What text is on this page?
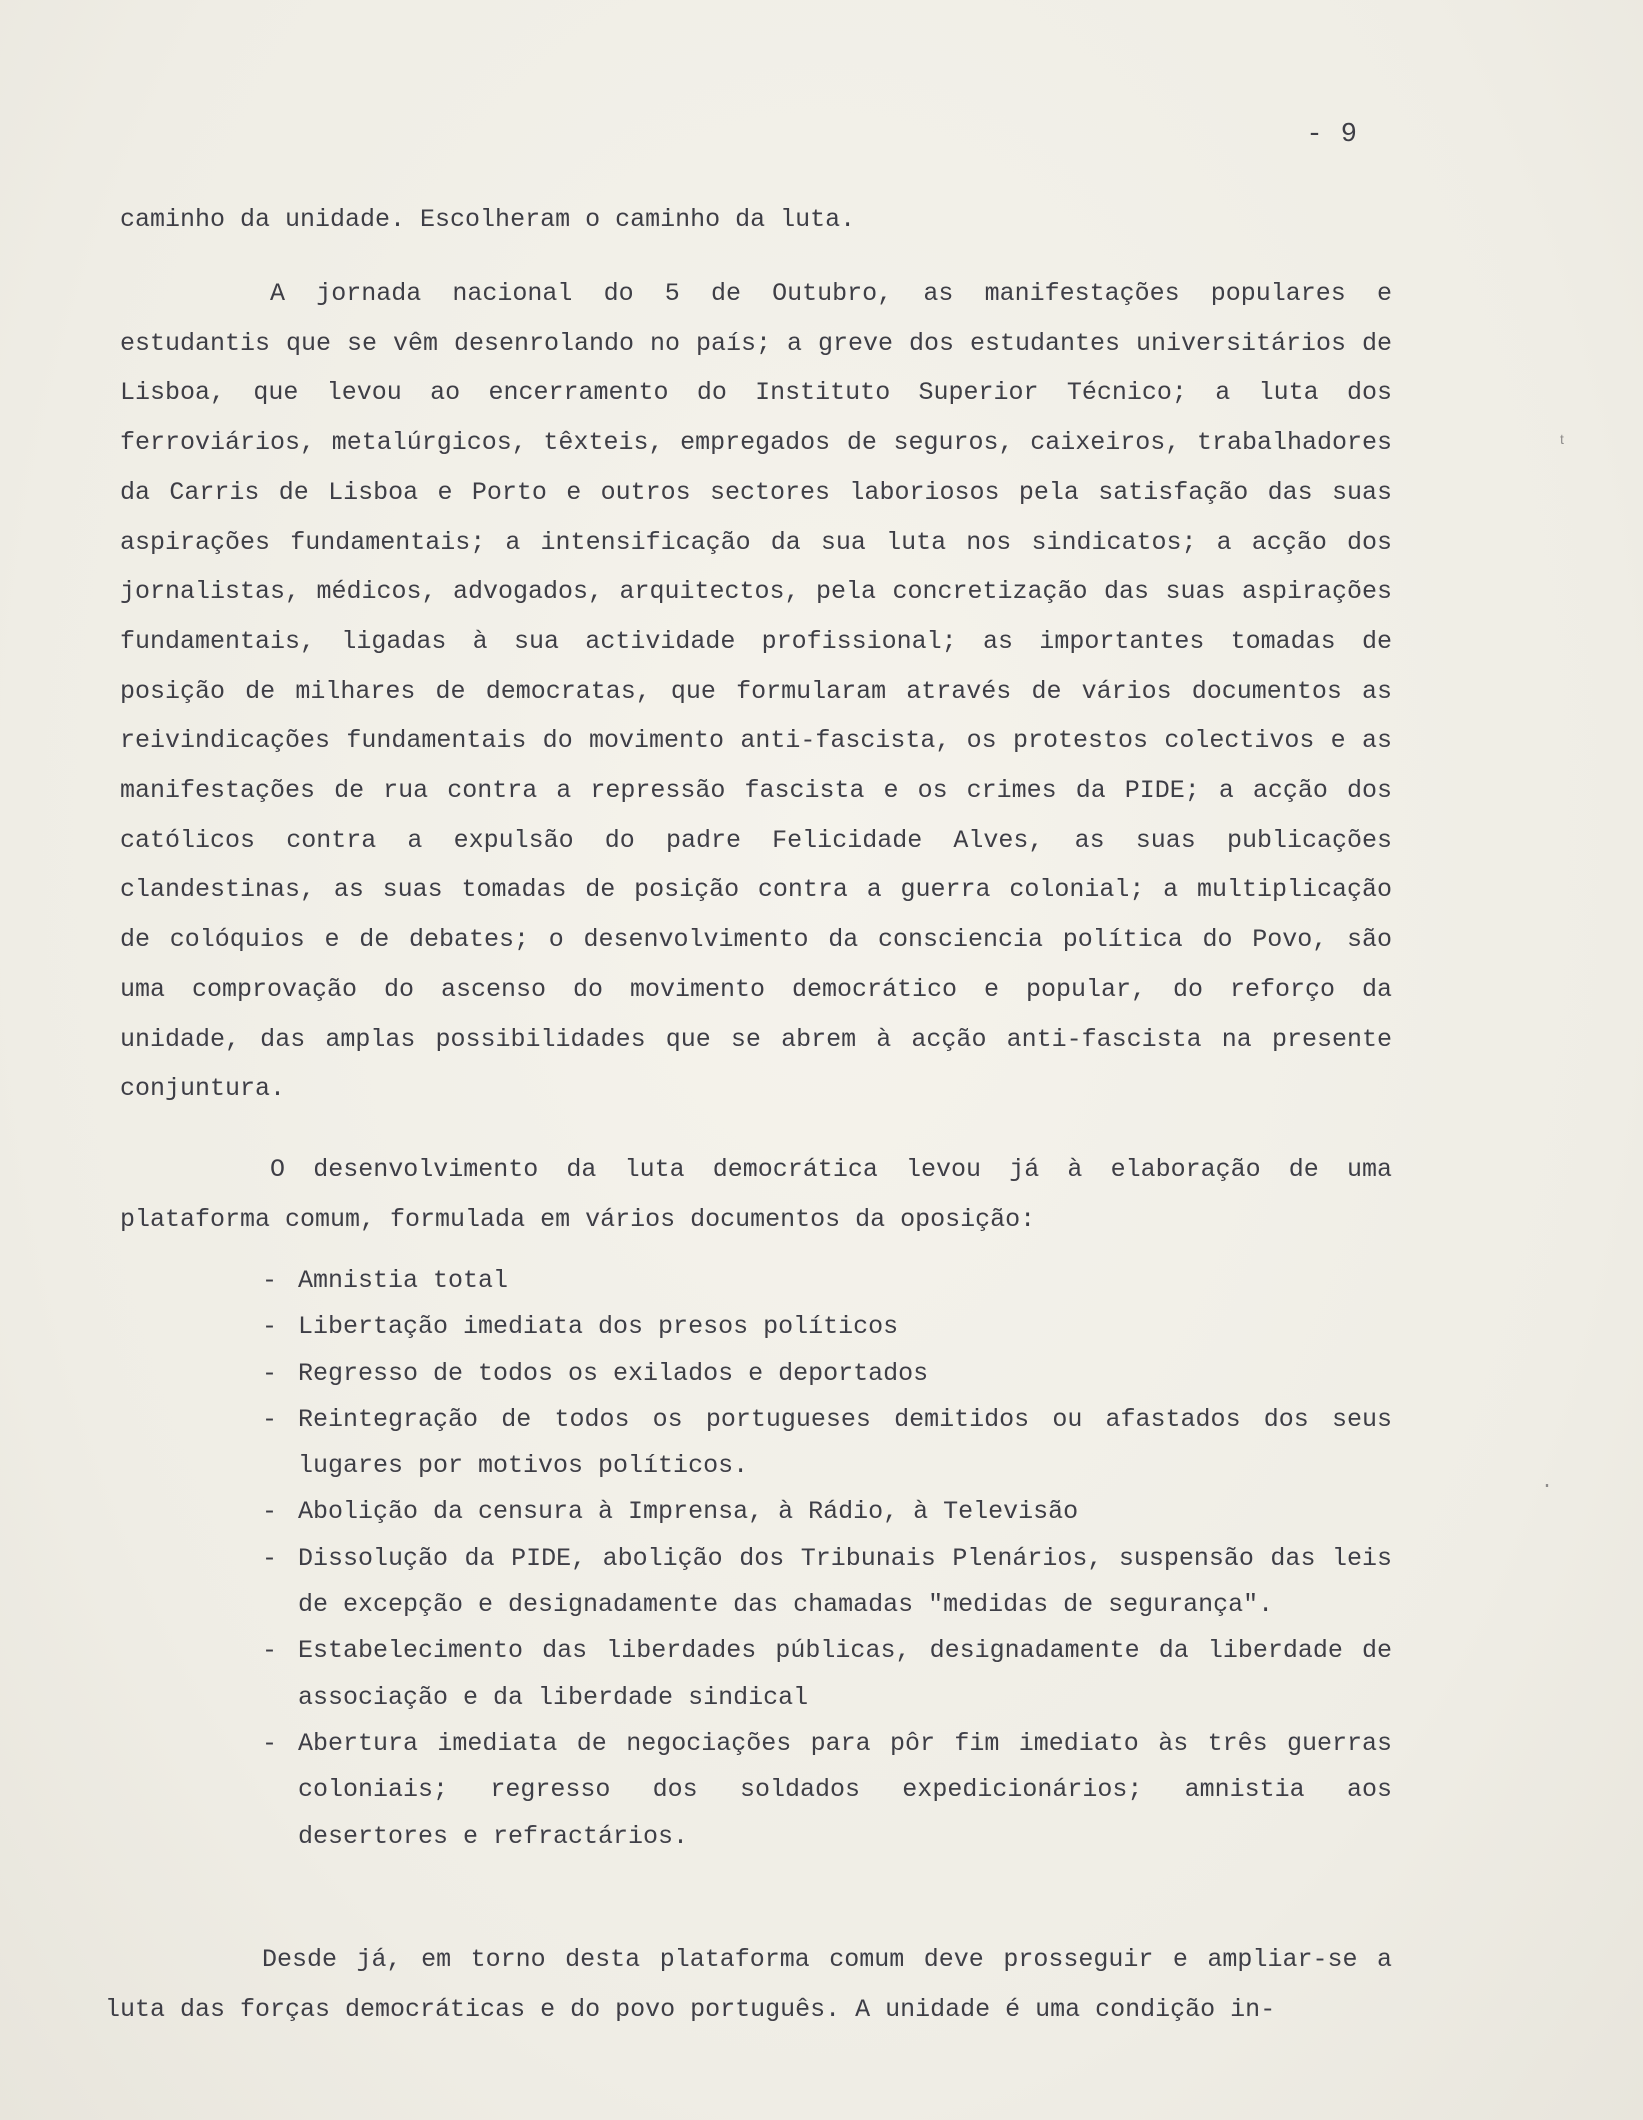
- 9

caminho da unidade. Escolheram o caminho da luta.

A jornada nacional do 5 de Outubro, as manifestações populares e estudantis que se vêm desenrolando no país; a greve dos estudantes universitários de Lisboa, que levou ao encerramento do Instituto Superior Técnico; a luta dos ferroviários, metalúrgicos, têxteis, empregados de seguros, caixeiros, trabalhadores da Carris de Lisboa e Porto e outros sectores laboriosos pela satisfação das suas aspirações fundamentais; a intensificação da sua luta nos sindicatos; a acção dos jornalistas, médicos, advogados, arquitectos, pela concretização das suas aspirações fundamentais, ligadas à sua actividade profissional; as importantes tomadas de posição de milhares de democratas, que formularam através de vários documentos as reivindicações fundamentais do movimento anti-fascista, os protestos colectivos e as manifestações de rua contra a repressão fascista e os crimes da PIDE; a acção dos católicos contra a expulsão do padre Felicidade Alves, as suas publicações clandestinas, as suas tomadas de posição contra a guerra colonial; a multiplicação de colóquios e de debates; o desenvolvimento da consciencia política do Povo, são uma comprovação do ascenso do movimento democrático e popular, do reforço da unidade, das amplas possibilidades que se abrem à acção anti-fascista na presente conjuntura.

O desenvolvimento da luta democrática levou já à elaboração de uma plataforma comum, formulada em vários documentos da oposição:

- Amnistia total
- Libertação imediata dos presos políticos
- Regresso de todos os exilados e deportados
- Reintegração de todos os portugueses demitidos ou afastados dos seus lugares por motivos políticos.
- Abolição da censura à Imprensa, à Rádio, à Televisão
- Dissolução da PIDE, abolição dos Tribunais Plenários, suspensão das leis de excepção e designadamente das chamadas "medidas de segurança".
- Estabelecimento das liberdades públicas, designadamente da liberdade de associação e da liberdade sindical
- Abertura imediata de negociações para pôr fim imediato às três guerras coloniais; regresso dos soldados expedicionários; amnistia aos desertores e refractários.

Desde já, em torno desta plataforma comum deve prosseguir e ampliar-se a luta das forças democráticas e do povo português. A unidade é uma condição in-

ᵗ
·
